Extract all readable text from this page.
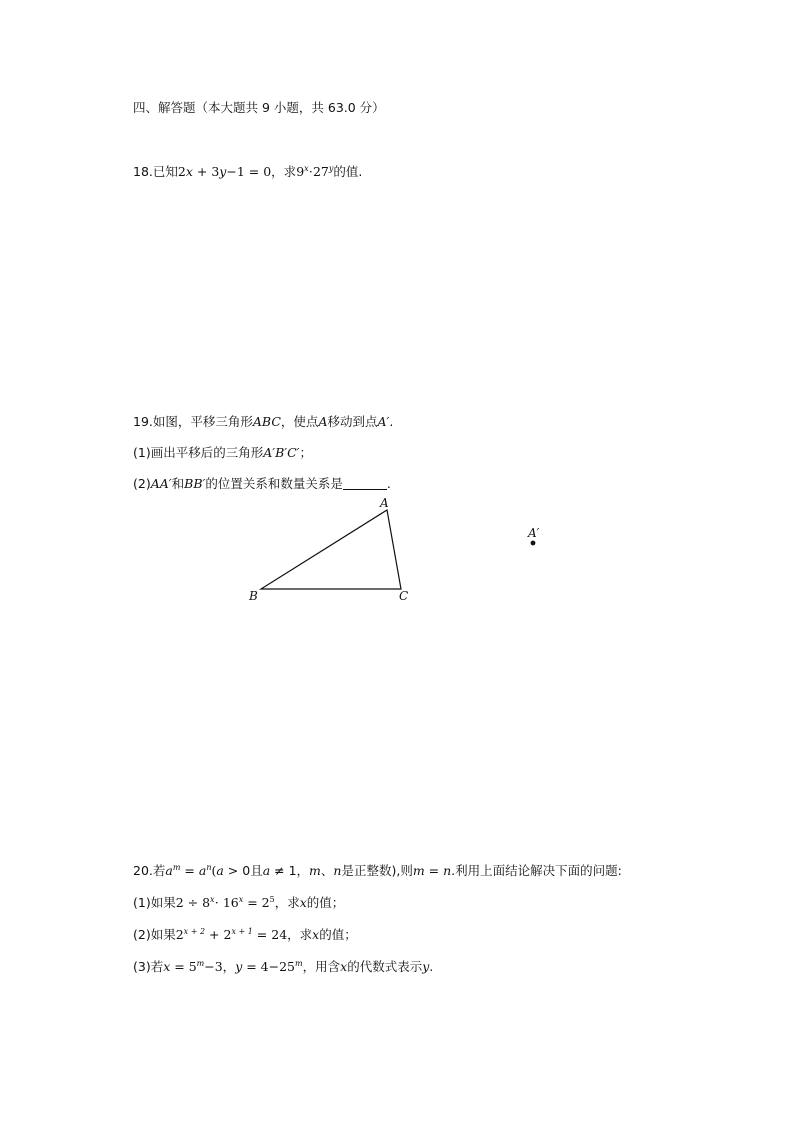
四、解答题（本大题共 9 小题，共 63.0 分）
18.已知2x + 3y−1 = 0，求$9^x\cdot 27^y$的值.
19.如图，平移三角形ABC，使点A移动到点A′.
(1)画出平移后的三角形A′B′C′；
(2)AA′和BB′的位置关系和数量关系是	.
A
B	C
A′
20.若$a^m = a^n(a > 0$且a ≠ 1，m、n是正整数),则m = n.利用上面结论解决下面的问题:
(1)如果$2 \div 8^x\cdot 16^x = 2^5$，求x的值；
(2)如果$2^{x + 2} + 2^{x + 1} = 24$，求x的值；
(3)若$x = 5^m-3$，$y = 4-25^m$，用含x的代数式表示y.
